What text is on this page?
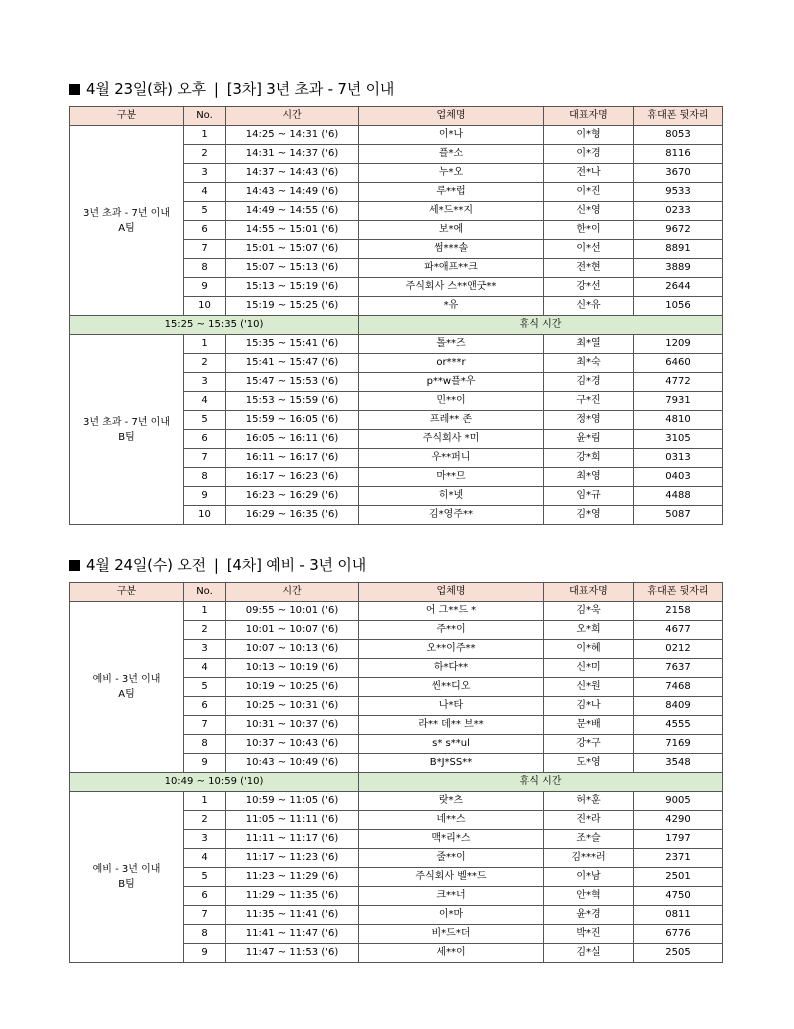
4월 23일(화) 오후 | [3차] 3년 초과 - 7년 이내
구분	No.	시간	업체명	대표자명	휴대폰 뒷자리
3년 초과 - 7년 이내
A팀	1	14:25 ~ 14:31 ('6)	이*나	이*형	8053
	2	14:31 ~ 14:37 ('6)	플*소	이*경	8116
	3	14:37 ~ 14:43 ('6)	누*오	전*나	3670
	4	14:43 ~ 14:49 ('6)	루**럽	이*진	9533
	5	14:49 ~ 14:55 ('6)	세*드**지	신*영	0233
	6	14:55 ~ 15:01 ('6)	보*에	한*이	9672
	7	15:01 ~ 15:07 ('6)	썸***솔	이*선	8891
	8	15:07 ~ 15:13 ('6)	파*애프**크	전*현	3889
	9	15:13 ~ 15:19 ('6)	주식회사 스**앤굿**	강*선	2644
	10	15:19 ~ 15:25 ('6)	*유	신*유	1056
15:25 ~ 15:35 ('10)			휴식 시간		
3년 초과 - 7년 이내
B팀	1	15:35 ~ 15:41 ('6)	톨**즈	최*열	1209
	2	15:41 ~ 15:47 ('6)	or***r	최*숙	6460
	3	15:47 ~ 15:53 ('6)	p**w플*우	김*경	4772
	4	15:53 ~ 15:59 ('6)	민**이	구*진	7931
	5	15:59 ~ 16:05 ('6)	프레** 존	정*영	4810
	6	16:05 ~ 16:11 ('6)	주식회사 *미	윤*림	3105
	7	16:11 ~ 16:17 ('6)	우**퍼니	강*희	0313
	8	16:17 ~ 16:23 ('6)	마**므	최*영	0403
	9	16:23 ~ 16:29 ('6)	히*넷	임*규	4488
	10	16:29 ~ 16:35 ('6)	김*영주**	김*영	5087
4월 24일(수) 오전 | [4차] 예비 - 3년 이내
구분	No.	시간	업체명	대표자명	휴대폰 뒷자리
예비 - 3년 이내
A팀	1	09:55 ~ 10:01 ('6)	어 그**드 *	김*욱	2158
	2	10:01 ~ 10:07 ('6)	주**이	오*희	4677
	3	10:07 ~ 10:13 ('6)	오**이주**	이*혜	0212
	4	10:13 ~ 10:19 ('6)	하*다**	신*미	7637
	5	10:19 ~ 10:25 ('6)	씬**디오	신*원	7468
	6	10:25 ~ 10:31 ('6)	나*타	김*나	8409
	7	10:31 ~ 10:37 ('6)	라** 데** 브**	문*배	4555
	8	10:37 ~ 10:43 ('6)	s* s**ul	강*구	7169
	9	10:43 ~ 10:49 ('6)	B*J*SS**	도*영	3548
10:49 ~ 10:59 ('10)			휴식 시간		
예비 - 3년 이내
B팀	1	10:59 ~ 11:05 ('6)	랏*츠	허*훈	9005
	2	11:05 ~ 11:11 ('6)	네**스	진*라	4290
	3	11:11 ~ 11:17 ('6)	맥*리*스	조*슬	1797
	4	11:17 ~ 11:23 ('6)	줄**이	김***러	2371
	5	11:23 ~ 11:29 ('6)	주식회사 벨**드	이*남	2501
	6	11:29 ~ 11:35 ('6)	크**너	안*혁	4750
	7	11:35 ~ 11:41 ('6)	이*마	윤*경	0811
	8	11:41 ~ 11:47 ('6)	비*드*더	박*진	6776
	9	11:47 ~ 11:53 ('6)	세**이	김*실	2505
